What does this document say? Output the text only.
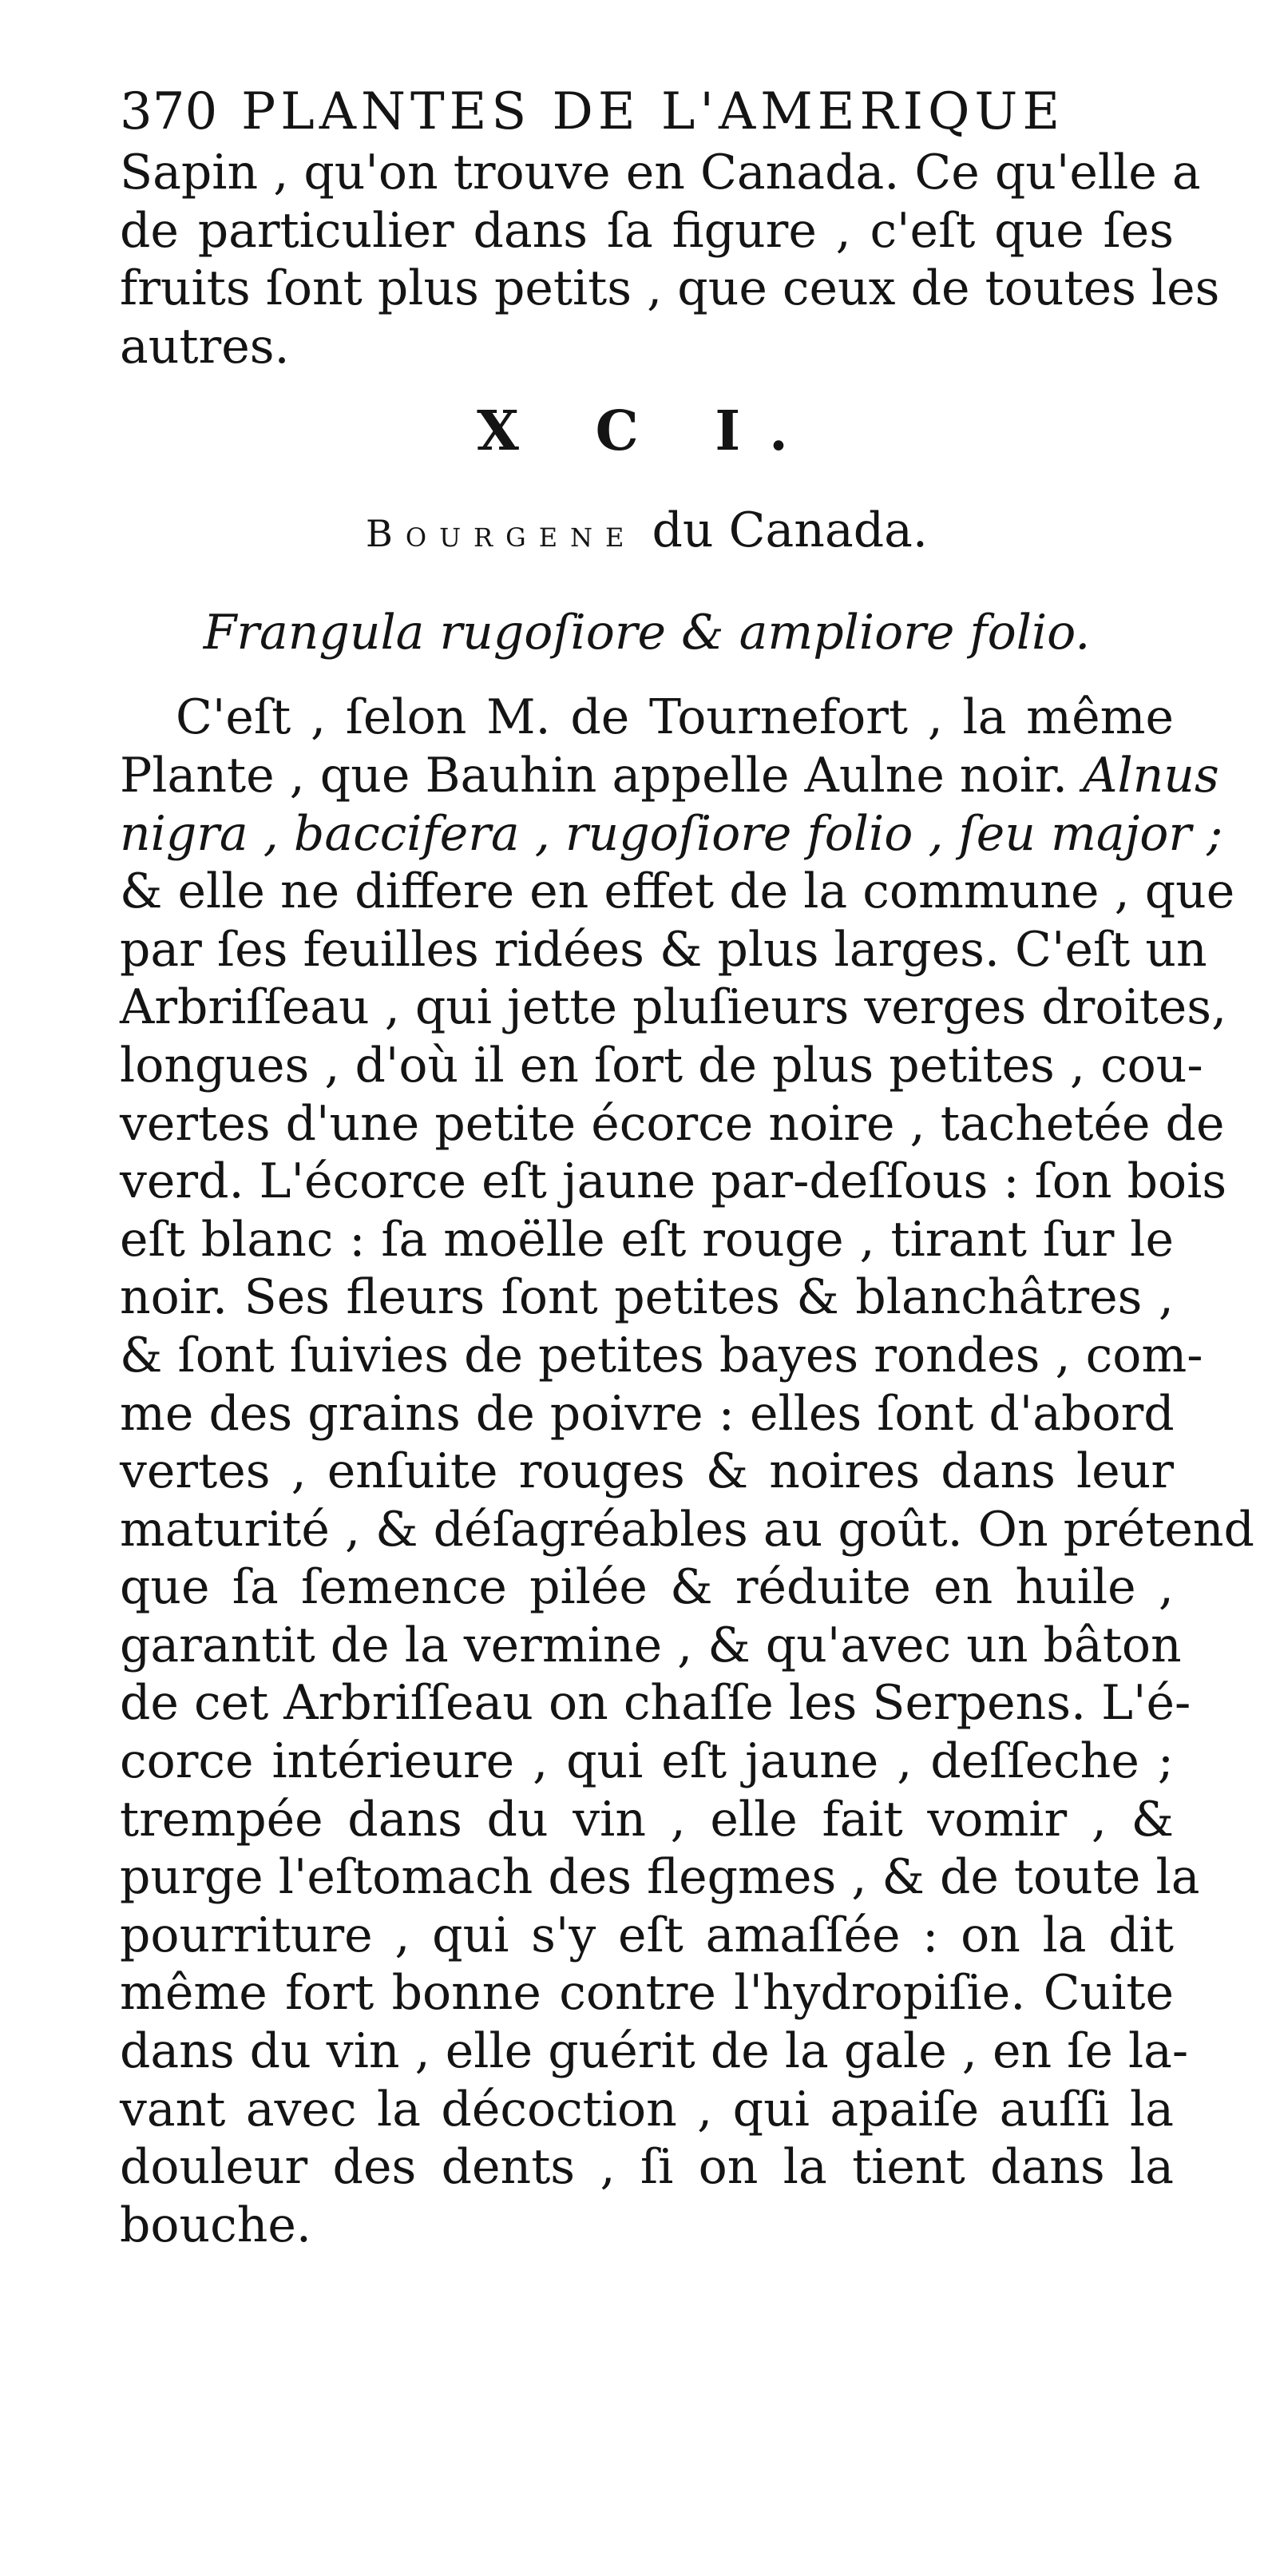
370 PLANTES DE L'AMERIQUE
Sapin , qu'on trouve en Canada. Ce qu'elle a
de particulier dans ſa figure , c'eſt que ſes
fruits ſont plus petits , que ceux de toutes les
autres.
X C I.
Bourgene du Canada.
Frangula rugoſiore & ampliore folio.
C'eſt , ſelon M. de Tournefort , la même
Plante , que Bauhin appelle Aulne noir. Alnus
nigra , baccifera , rugoſiore folio , ſeu major ;
& elle ne differe en effet de la commune , que
par ſes feuilles ridées & plus larges. C'eſt un
Arbriſſeau , qui jette pluſieurs verges droites,
longues , d'où il en ſort de plus petites , cou-
vertes d'une petite écorce noire , tachetée de
verd. L'écorce eſt jaune par-deſſous : ſon bois
eſt blanc : ſa moëlle eſt rouge , tirant ſur le
noir. Ses fleurs ſont petites & blanchâtres ,
& ſont ſuivies de petites bayes rondes , com-
me des grains de poivre : elles ſont d'abord
vertes , enſuite rouges & noires dans leur
maturité , & déſagréables au goût. On prétend
que ſa ſemence pilée & réduite en huile ,
garantit de la vermine , & qu'avec un bâton
de cet Arbriſſeau on chaſſe les Serpens. L'é-
corce intérieure , qui eſt jaune , deſſeche ;
trempée dans du vin , elle fait vomir , &
purge l'eſtomach des flegmes , & de toute la
pourriture , qui s'y eſt amaſſée : on la dit
même fort bonne contre l'hydropiſie. Cuite
dans du vin , elle guérit de la gale , en ſe la-
vant avec la décoction , qui apaiſe auſſi la
douleur des dents , ſi on la tient dans la
bouche.
